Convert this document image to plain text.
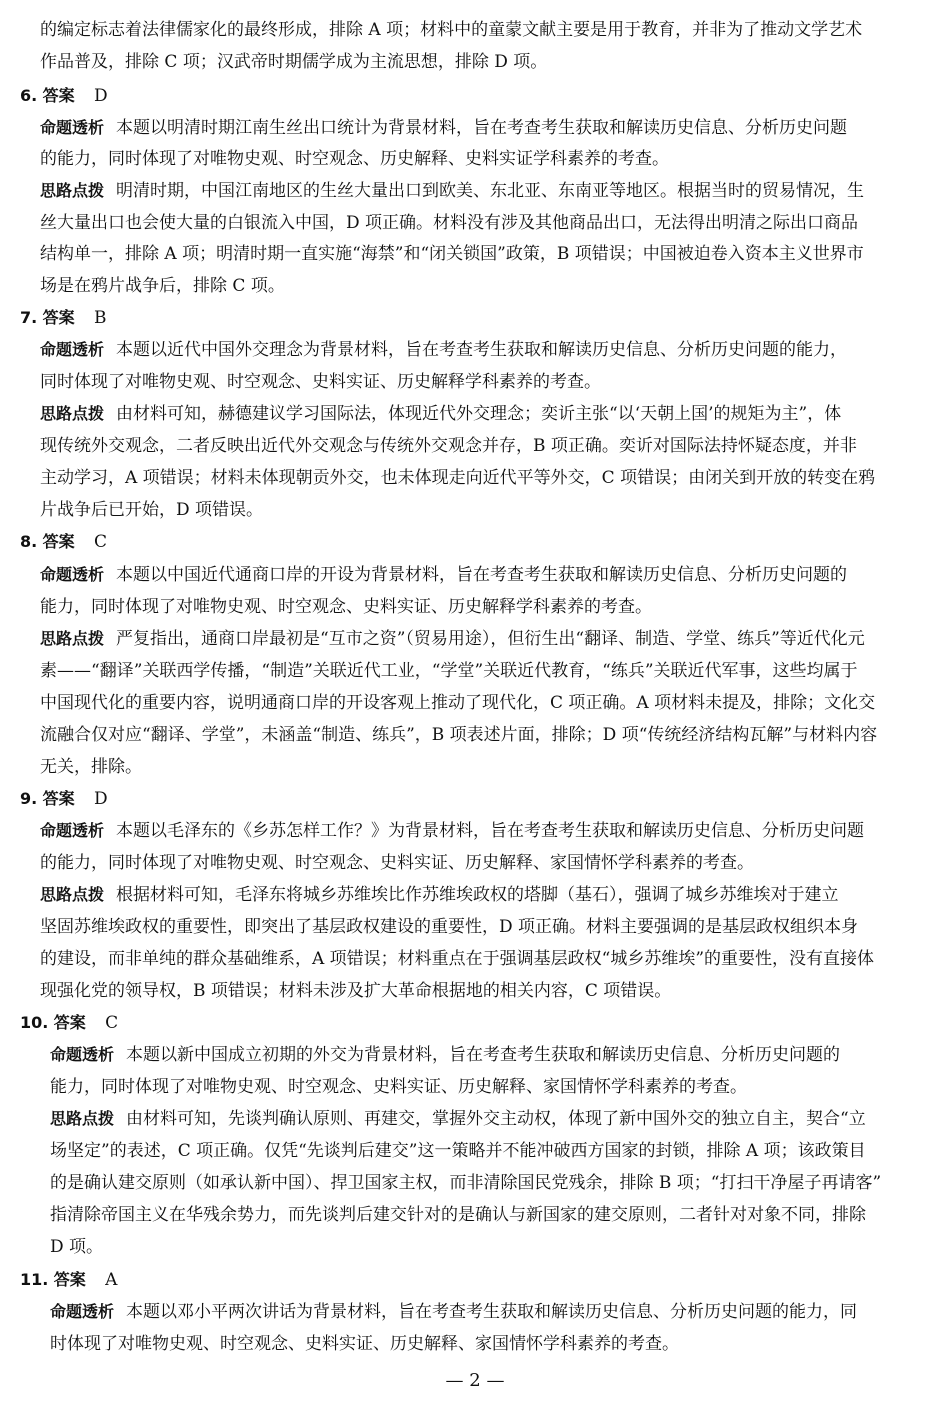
的编定标志着法律儒家化的最终形成，排除 A 项；材料中的童蒙文献主要是用于教育，并非为了推动文学艺术
作品普及，排除 C 项；汉武帝时期儒学成为主流思想，排除 D 项。
6. 答案 D
命题透析 本题以明清时期江南生丝出口统计为背景材料，旨在考查考生获取和解读历史信息、分析历史问题
的能力，同时体现了对唯物史观、时空观念、历史解释、史料实证学科素养的考查。
思路点拨 明清时期，中国江南地区的生丝大量出口到欧美、东北亚、东南亚等地区。根据当时的贸易情况，生
丝大量出口也会使大量的白银流入中国，D 项正确。材料没有涉及其他商品出口，无法得出明清之际出口商品
结构单一，排除 A 项；明清时期一直实施“海禁”和“闭关锁国”政策，B 项错误；中国被迫卷入资本主义世界市
场是在鸦片战争后，排除 C 项。
7. 答案 B
命题透析 本题以近代中国外交理念为背景材料，旨在考查考生获取和解读历史信息、分析历史问题的能力，
同时体现了对唯物史观、时空观念、史料实证、历史解释学科素养的考查。
思路点拨 由材料可知，赫德建议学习国际法，体现近代外交理念；奕䜣主张“以‘天朝上国’的规矩为主”，体
现传统外交观念，二者反映出近代外交观念与传统外交观念并存，B 项正确。奕䜣对国际法持怀疑态度，并非
主动学习，A 项错误；材料未体现朝贡外交，也未体现走向近代平等外交，C 项错误；由闭关到开放的转变在鸦
片战争后已开始，D 项错误。
8. 答案 C
命题透析 本题以中国近代通商口岸的开设为背景材料，旨在考查考生获取和解读历史信息、分析历史问题的
能力，同时体现了对唯物史观、时空观念、史料实证、历史解释学科素养的考查。
思路点拨 严复指出，通商口岸最初是“互市之资”（贸易用途），但衍生出“翻译、制造、学堂、练兵”等近代化元
素——“翻译”关联西学传播，“制造”关联近代工业，“学堂”关联近代教育，“练兵”关联近代军事，这些均属于
中国现代化的重要内容，说明通商口岸的开设客观上推动了现代化，C 项正确。A 项材料未提及，排除；文化交
流融合仅对应“翻译、学堂”，未涵盖“制造、练兵”，B 项表述片面，排除；D 项“传统经济结构瓦解”与材料内容
无关，排除。
9. 答案 D
命题透析 本题以毛泽东的《乡苏怎样工作？》为背景材料，旨在考查考生获取和解读历史信息、分析历史问题
的能力，同时体现了对唯物史观、时空观念、史料实证、历史解释、家国情怀学科素养的考查。
思路点拨 根据材料可知，毛泽东将城乡苏维埃比作苏维埃政权的塔脚（基石），强调了城乡苏维埃对于建立
坚固苏维埃政权的重要性，即突出了基层政权建设的重要性，D 项正确。材料主要强调的是基层政权组织本身
的建设，而非单纯的群众基础维系，A 项错误；材料重点在于强调基层政权“城乡苏维埃”的重要性，没有直接体
现强化党的领导权，B 项错误；材料未涉及扩大革命根据地的相关内容，C 项错误。
10. 答案 C
命题透析 本题以新中国成立初期的外交为背景材料，旨在考查考生获取和解读历史信息、分析历史问题的
能力，同时体现了对唯物史观、时空观念、史料实证、历史解释、家国情怀学科素养的考查。
思路点拨 由材料可知，先谈判确认原则、再建交，掌握外交主动权，体现了新中国外交的独立自主，契合“立
场坚定”的表述，C 项正确。仅凭“先谈判后建交”这一策略并不能冲破西方国家的封锁，排除 A 项；该政策目
的是确认建交原则（如承认新中国）、捍卫国家主权，而非清除国民党残余，排除 B 项；“打扫干净屋子再请客”
指清除帝国主义在华残余势力，而先谈判后建交针对的是确认与新国家的建交原则，二者针对对象不同，排除
D 项。
11. 答案 A
命题透析 本题以邓小平两次讲话为背景材料，旨在考查考生获取和解读历史信息、分析历史问题的能力，同
时体现了对唯物史观、时空观念、史料实证、历史解释、家国情怀学科素养的考查。
— 2 —
